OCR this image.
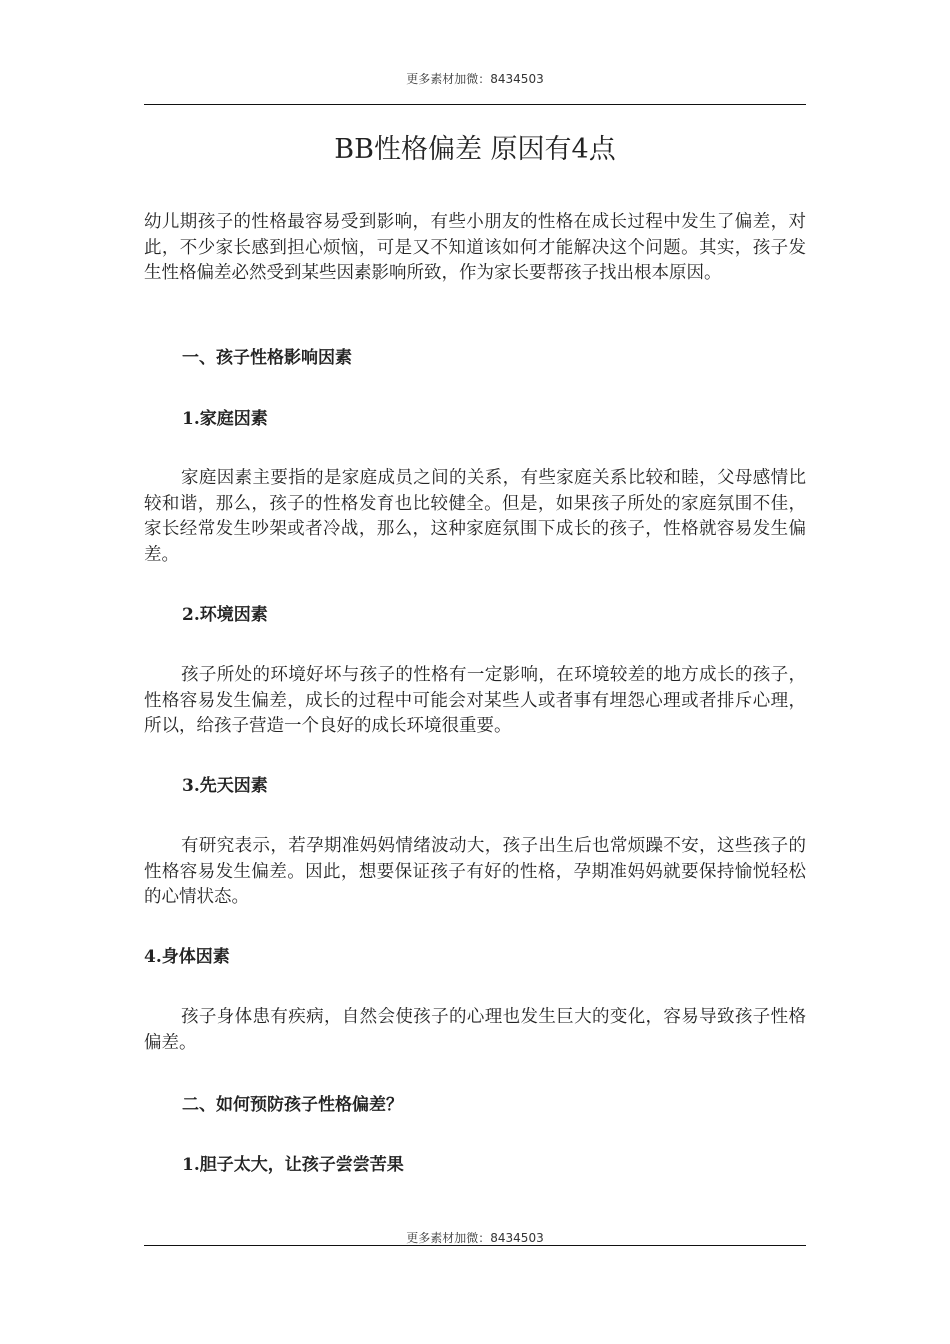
更多素材加微：8434503
BB性格偏差 原因有4点

幼儿期孩子的性格最容易受到影响，有些小朋友的性格在成长过程中发生了偏差，对此，不少家长感到担心烦恼，可是又不知道该如何才能解决这个问题。其实，孩子发生性格偏差必然受到某些因素影响所致，作为家长要帮孩子找出根本原因。

一、孩子性格影响因素
1.家庭因素

家庭因素主要指的是家庭成员之间的关系，有些家庭关系比较和睦，父母感情比较和谐，那么，孩子的性格发育也比较健全。但是，如果孩子所处的家庭氛围不佳，家长经常发生吵架或者冷战，那么，这种家庭氛围下成长的孩子，性格就容易发生偏差。

2.环境因素

孩子所处的环境好坏与孩子的性格有一定影响，在环境较差的地方成长的孩子，性格容易发生偏差，成长的过程中可能会对某些人或者事有埋怨心理或者排斥心理，所以，给孩子营造一个良好的成长环境很重要。

3.先天因素

有研究表示，若孕期准妈妈情绪波动大，孩子出生后也常烦躁不安，这些孩子的性格容易发生偏差。因此，想要保证孩子有好的性格，孕期准妈妈就要保持愉悦轻松的心情状态。

4.身体因素

孩子身体患有疾病，自然会使孩子的心理也发生巨大的变化，容易导致孩子性格偏差。

二、如何预防孩子性格偏差？
1.胆子太大，让孩子尝尝苦果
更多素材加微：8434503
